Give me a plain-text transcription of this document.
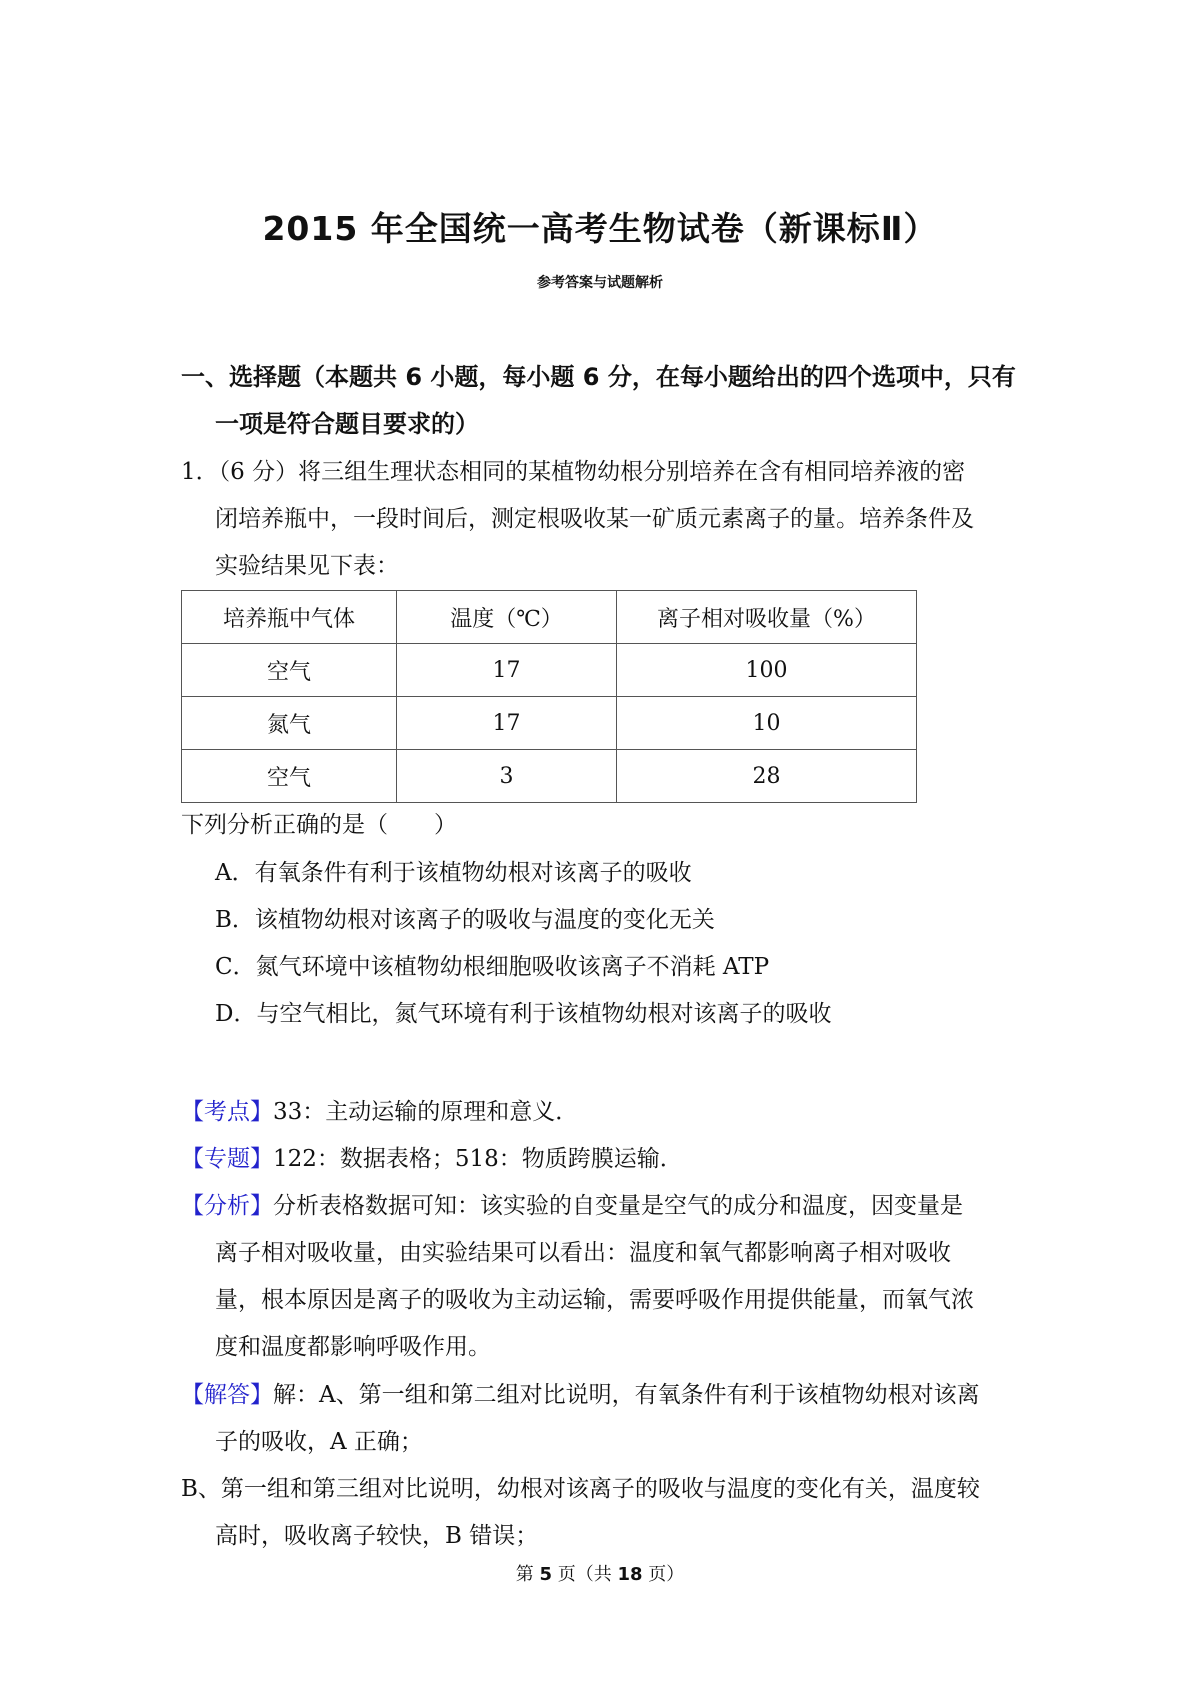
2015 年全国统一高考生物试卷（新课标Ⅱ）
参考答案与试题解析
一、选择题（本题共 6 小题，每小题 6 分，在每小题给出的四个选项中，只有
一项是符合题目要求的）
1．（6 分）将三组生理状态相同的某植物幼根分别培养在含有相同培养液的密
闭培养瓶中，一段时间后，测定根吸收某一矿质元素离子的量。培养条件及
实验结果见下表：
培养瓶中气体	温度（℃）	离子相对吸收量（%）
空气	17	100
氮气	17	10
空气	3	28
下列分析正确的是（　　）
A．有氧条件有利于该植物幼根对该离子的吸收
B．该植物幼根对该离子的吸收与温度的变化无关
C．氮气环境中该植物幼根细胞吸收该离子不消耗 ATP
D．与空气相比，氮气环境有利于该植物幼根对该离子的吸收
【考点】33：主动运输的原理和意义．
【专题】122：数据表格；518：物质跨膜运输．
【分析】分析表格数据可知：该实验的自变量是空气的成分和温度，因变量是
离子相对吸收量，由实验结果可以看出：温度和氧气都影响离子相对吸收
量，根本原因是离子的吸收为主动运输，需要呼吸作用提供能量，而氧气浓
度和温度都影响呼吸作用。
【解答】解：A、第一组和第二组对比说明，有氧条件有利于该植物幼根对该离
子的吸收，A 正确；
B、第一组和第三组对比说明，幼根对该离子的吸收与温度的变化有关，温度较
高时，吸收离子较快，B 错误；
第 5 页（共 18 页）
